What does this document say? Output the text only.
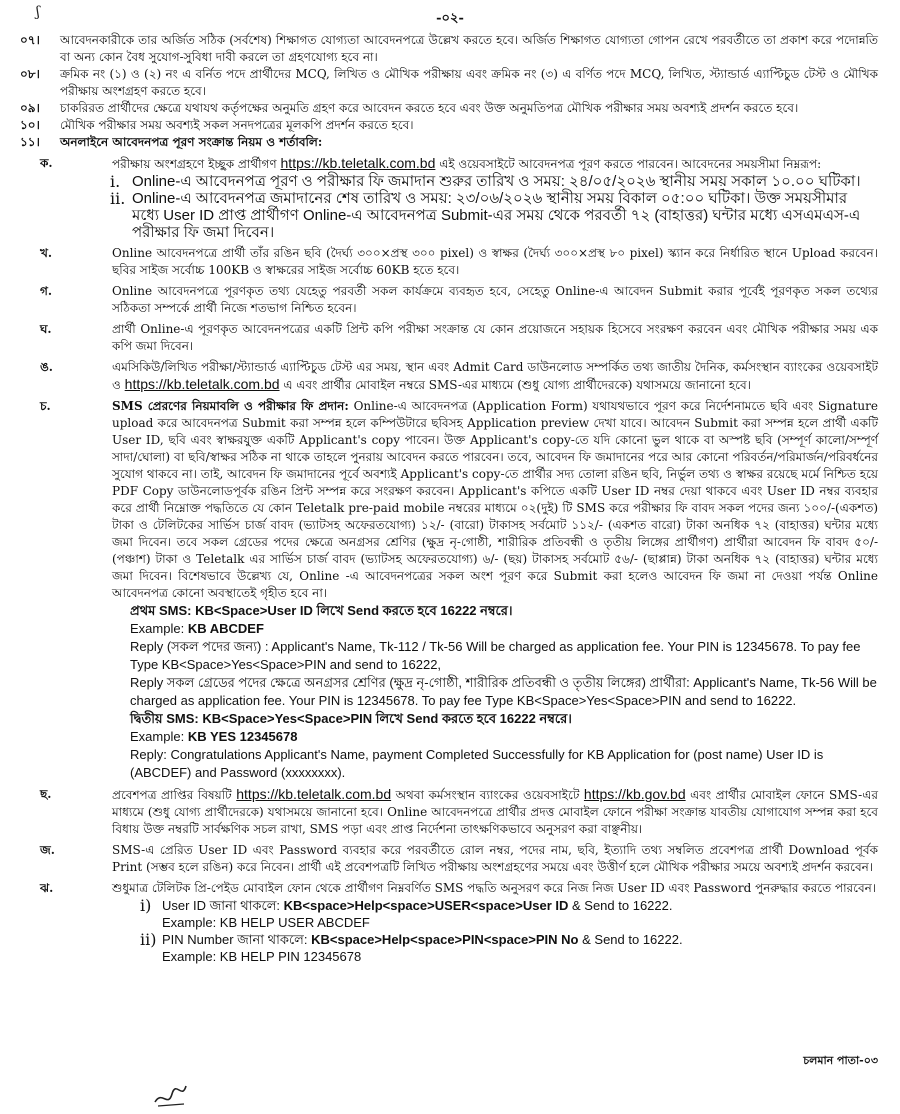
ʃ	-০২-
০৭।	আবেদনকারীকে তার অর্জিত সঠিক (সর্বশেষ) শিক্ষাগত যোগ্যতা আবেদনপত্রে উল্লেখ করতে হবে। অর্জিত শিক্ষাগত যোগ্যতা গোপন রেখে পরবর্তীতে তা প্রকাশ করে পদোন্নতি বা অন্য কোন বৈধ সুযোগ-সুবিধা দাবী করলে তা গ্রহণযোগ্য হবে না।
০৮।	ক্রমিক নং (১) ও (২) নং এ বর্নিত পদে প্রার্থীদের MCQ, লিখিত ও মৌখিক পরীক্ষায় এবং ক্রমিক নং (৩) এ বর্ণিত পদে MCQ, লিখিত, স্ট্যান্ডার্ড এ্যাপ্টিচুড টেস্ট ও মৌখিক পরীক্ষায় অংশগ্রহণ করতে হবে।
০৯।	চাকরিরত প্রার্থীদের ক্ষেত্রে যথাযথ কর্তৃপক্ষের অনুমতি গ্রহণ করে আবেদন করতে হবে এবং উক্ত অনুমতিপত্র মৌখিক পরীক্ষার সময় অবশ্যই প্রদর্শন করতে হবে।
১০।	মৌখিক পরীক্ষার সময় অবশ্যই সকল সনদপত্রের মূলকপি প্রদর্শন করতে হবে।
১১।	অনলাইনে আবেদনপত্র পূরণ সংক্রান্ত নিয়ম ও শর্তাবলি:
ক.	পরীক্ষায় অংশগ্রহণে ইচ্ছুক প্রার্থীগণ https://kb.teletalk.com.bd এই ওয়েবসাইটে আবেদনপত্র পূরণ করতে পারবেন। আবেদনের সময়সীমা নিম্নরূপ:
i. Online-এ আবেদনপত্র পূরণ ও পরীক্ষার ফি জমাদান শুরুর তারিখ ও সময়: ২৪/০৫/২০২৬ স্থানীয় সময় সকাল ১০.০০ ঘটিকা।
ii. Online-এ আবেদনপত্র জমাদানের শেষ তারিখ ও সময়: ২৩/০৬/২০২৬ স্থানীয় সময় বিকাল ০৫:০০ ঘটিকা। উক্ত সময়সীমার মধ্যে User ID প্রাপ্ত প্রার্থীগণ Online-এ আবেদনপত্র Submit-এর সময় থেকে পরবর্তী ৭২ (বাহাত্তর) ঘন্টার মধ্যে এসএমএস-এ পরীক্ষার ফি জমা দিবেন।
খ.	Online আবেদনপত্রে প্রার্থী তাঁর রঙিন ছবি (দৈর্ঘ্য ৩০০×প্রস্থ ৩০০ pixel) ও স্বাক্ষর (দৈর্ঘ্য ৩০০×প্রস্থ ৮০ pixel) স্ক্যান করে নির্ধারিত স্থানে Upload করবেন। ছবির সাইজ সর্বোচ্চ 100KB ও স্বাক্ষরের সাইজ সর্বোচ্চ 60KB হতে হবে।
গ.	Online আবেদনপত্রে পূরণকৃত তথ্য যেহেতু পরবর্তী সকল কার্যক্রমে ব্যবহৃত হবে, সেহেতু Online-এ আবেদন Submit করার পূর্বেই পূরণকৃত সকল তথ্যের সঠিকতা সম্পর্কে প্রার্থী নিজে শতভাগ নিশ্চিত হবেন।
ঘ.	প্রার্থী Online-এ পূরণকৃত আবেদনপত্রের একটি প্রিন্ট কপি পরীক্ষা সংক্রান্ত যে কোন প্রয়োজনে সহায়ক হিসেবে সংরক্ষণ করবেন এবং মৌখিক পরীক্ষার সময় এক কপি জমা দিবেন।
ঙ.	এমসিকিউ/লিখিত পরীক্ষা/স্ট্যান্ডার্ড এ্যাপ্টিচুড টেস্ট এর সময়, স্থান এবং Admit Card ডাউনলোড সম্পর্কিত তথ্য জাতীয় দৈনিক, কর্মসংস্থান ব্যাংকের ওয়েবসাইট ও https://kb.teletalk.com.bd এ এবং প্রার্থীর মোবাইল নম্বরে SMS-এর মাধ্যমে (শুধু যোগ্য প্রার্থীদেরকে) যথাসময়ে জানানো হবে।
চ.	SMS প্রেরণের নিয়মাবলি ও পরীক্ষার ফি প্রদান: Online-এ আবেদনপত্র (Application Form) যথাযথভাবে পূরণ করে নির্দেশনামতে ছবি এবং Signature upload করে আবেদনপত্র Submit করা সম্পন্ন হলে কম্পিউটারে ছবিসহ Application preview দেখা যাবে। আবেদন Submit করা সম্পন্ন হলে প্রার্থী একটি User ID, ছবি এবং স্বাক্ষরযুক্ত একটি Applicant's copy পাবেন। উক্ত Applicant's copy-তে যদি কোনো ভুল থাকে বা অস্পষ্ট ছবি (সম্পূর্ণ কালো/সম্পূর্ণ সাদা/ঘোলা) বা ছবি/স্বাক্ষর সঠিক না থাকে তাহলে পুনরায় আবেদন করতে পারবেন। তবে, আবেদন ফি জমাদানের পরে আর কোনো পরিবর্তন/পরিমার্জন/পরিবর্ধনের সুযোগ থাকবে না। তাই, আবেদন ফি জমাদানের পূর্বে অবশ্যই Applicant's copy-তে প্রার্থীর সদ্য তোলা রঙিন ছবি, নির্ভুল তথ্য ও স্বাক্ষর রয়েছে মর্মে নিশ্চিত হয়ে PDF Copy ডাউনলোডপূর্বক রঙিন প্রিন্ট সম্পন্ন করে সংরক্ষণ করবেন। Applicant's কপিতে একটি User ID নম্বর দেয়া থাকবে এবং User ID নম্বর ব্যবহার করে প্রার্থী নিম্নোক্ত পদ্ধতিতে যে কোন Teletalk pre-paid mobile নম্বরের মাধ্যমে ০২(দুই) টি SMS করে পরীক্ষার ফি বাবদ সকল পদের জন্য ১০০/-(একশত) টাকা ও টেলিটকের সার্ভিস চার্জ বাবদ (ভ্যাটসহ অফেরতযোগ্য) ১২/- (বারো) টাকাসহ সর্বমোট ১১২/- (একশত বারো) টাকা অনধিক ৭২ (বাহাত্তর) ঘন্টার মধ্যে জমা দিবেন। তবে সকল গ্রেডের পদের ক্ষেত্রে অনগ্রসর শ্রেণির (ক্ষুদ্র নৃ-গোষ্ঠী, শারীরিক প্রতিবন্ধী ও তৃতীয় লিঙ্গের প্রার্থীগণ) প্রার্থীরা আবেদন ফি বাবদ ৫০/- (পঞ্চাশ) টাকা ও Teletalk এর সার্ভিস চার্জ বাবদ (ভ্যাটসহ অফেরতযোগ্য) ৬/- (ছয়) টাকাসহ সর্বমোট ৫৬/- (ছাপ্পান্ন) টাকা অনধিক ৭২ (বাহাত্তর) ঘন্টার মধ্যে জমা দিবেন। বিশেষভাবে উল্লেখ্য যে, Online -এ আবেদনপত্রের সকল অংশ পূরণ করে Submit করা হলেও আবেদন ফি জমা না দেওয়া পর্যন্ত Online আবেদনপত্র কোনো অবস্থাতেই গৃহীত হবে না।
প্রথম SMS: KB<Space>User ID লিখে Send করতে হবে 16222 নম্বরে।
Example: KB ABCDEF
Reply (সকল পদের জন্য) : Applicant's Name, Tk-112 / Tk-56 Will be charged as application fee. Your PIN is 12345678. To pay fee Type KB<Space>Yes<Space>PIN and send to 16222,
Reply সকল গ্রেডের পদের ক্ষেত্রে অনগ্রসর শ্রেণির (ক্ষুদ্র নৃ-গোষ্ঠী, শারীরিক প্রতিবন্ধী ও তৃতীয় লিঙ্গের) প্রার্থীরা: Applicant's Name, Tk-56 Will be charged as application fee. Your PIN is 12345678. To pay fee Type KB<Space>Yes<Space>PIN and send to 16222.
দ্বিতীয় SMS: KB<Space>Yes<Space>PIN লিখে Send করতে হবে 16222 নম্বরে।
Example: KB YES 12345678
Reply: Congratulations Applicant's Name, payment Completed Successfully for KB Application for (post name) User ID is (ABCDEF) and Password (xxxxxxxx).
ছ.	প্রবেশপত্র প্রাপ্তির বিষয়টি https://kb.teletalk.com.bd অথবা কর্মসংস্থান ব্যাংকের ওয়েবসাইটে https://kb.gov.bd এবং প্রার্থীর মোবাইল ফোনে SMS-এর মাধ্যমে (শুধু যোগ্য প্রার্থীদেরকে) যথাসময়ে জানানো হবে। Online আবেদনপত্রে প্রার্থীর প্রদত্ত মোবাইল ফোনে পরীক্ষা সংক্রান্ত যাবতীয় যোগাযোগ সম্পন্ন করা হবে বিধায় উক্ত নম্বরটি সার্বক্ষণিক সচল রাখা, SMS পড়া এবং প্রাপ্ত নির্দেশনা তাৎক্ষণিকভাবে অনুসরণ করা বাঞ্ছনীয়।
জ.	SMS-এ প্রেরিত User ID এবং Password ব্যবহার করে পরবর্তীতে রোল নম্বর, পদের নাম, ছবি, ইত্যাদি তথ্য সম্বলিত প্রবেশপত্র প্রার্থী Download পূর্বক Print (সম্ভব হলে রঙিন) করে নিবেন। প্রার্থী এই প্রবেশপত্রটি লিখিত পরীক্ষায় অংশগ্রহণের সময়ে এবং উত্তীর্ণ হলে মৌখিক পরীক্ষার সময়ে অবশ্যই প্রদর্শন করবেন।
ঝ.	শুধুমাত্র টেলিটক প্রি-পেইড মোবাইল ফোন থেকে প্রার্থীগণ নিম্নবর্ণিত SMS পদ্ধতি অনুসরণ করে নিজ নিজ User ID এবং Password পুনরুদ্ধার করতে পারবেন।
i) User ID জানা থাকলে: KB<space>Help<space>USER<space>User ID & Send to 16222.
Example: KB HELP USER ABCDEF
ii) PIN Number জানা থাকলে: KB<space>Help<space>PIN<space>PIN No & Send to 16222.
Example: KB HELP PIN 12345678
চলমান পাতা-০৩
